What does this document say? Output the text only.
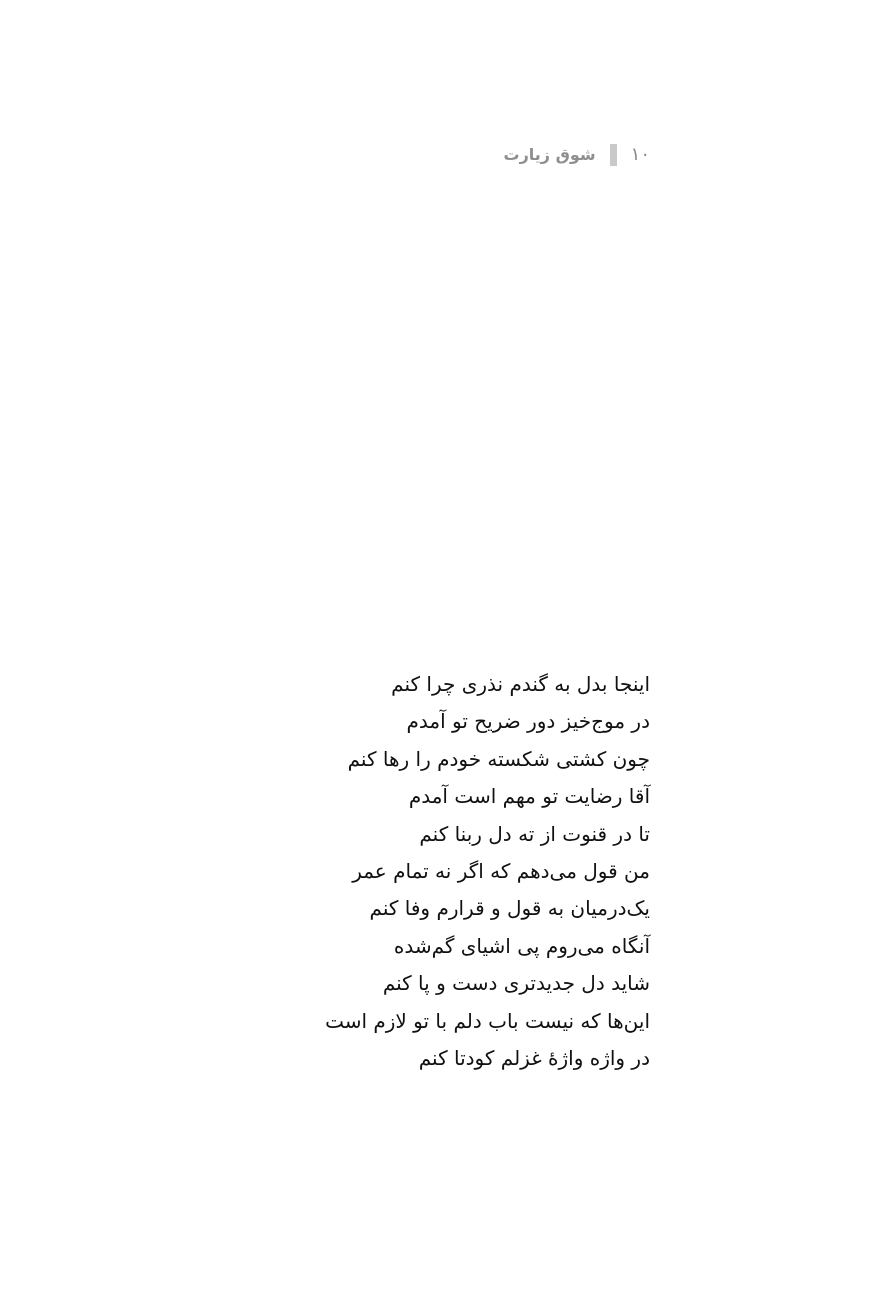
۱۰
شوق زیارت
اینجا بدل به گندم نذری چرا کنم
در موج‌خیز دور ضریح تو آمدم
چون کشتی شکسته خودم را رها کنم
آقا رضایت تو مهم است آمدم
تا در قنوت از ته دل ربنا کنم
من قول می‌دهم که اگر نه تمام عمر
یک‌درمیان به قول و قرارم وفا کنم
آنگاه می‌روم پی اشیای گم‌شده
شاید دل جدیدتری دست و پا کنم
این‌ها که نیست باب دلم با تو لازم است
در واژه واژهٔ غزلم کودتا کنم
